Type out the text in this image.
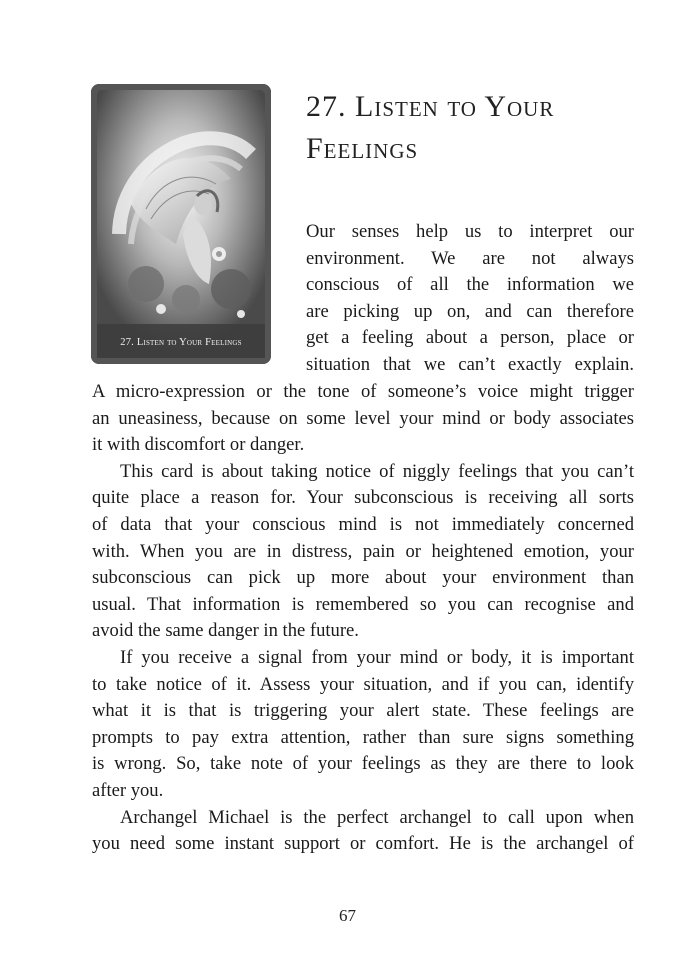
27. Listen to Your Feelings
27. Listen to Your
Feelings

Our senses help us to interpret our

environment. We are not always

conscious of all the information we

are picking up on, and can therefore

get a feeling about a person, place or

situation that we can’t exactly explain.

A micro-expression or the tone of someone’s voice might trigger

an uneasiness, because on some level your mind or body associates

it with discomfort or danger.

This card is about taking notice of niggly feelings that you can’t

quite place a reason for. Your subconscious is receiving all sorts

of data that your conscious mind is not immediately concerned

with. When you are in distress, pain or heightened emotion, your

subconscious can pick up more about your environment than

usual. That information is remembered so you can recognise and

avoid the same danger in the future.

If you receive a signal from your mind or body, it is important

to take notice of it. Assess your situation, and if you can, identify

what it is that is triggering your alert state. These feelings are

prompts to pay extra attention, rather than sure signs something

is wrong. So, take note of your feelings as they are there to look

after you.

Archangel Michael is the perfect archangel to call upon when

you need some instant support or comfort. He is the archangel of

67
